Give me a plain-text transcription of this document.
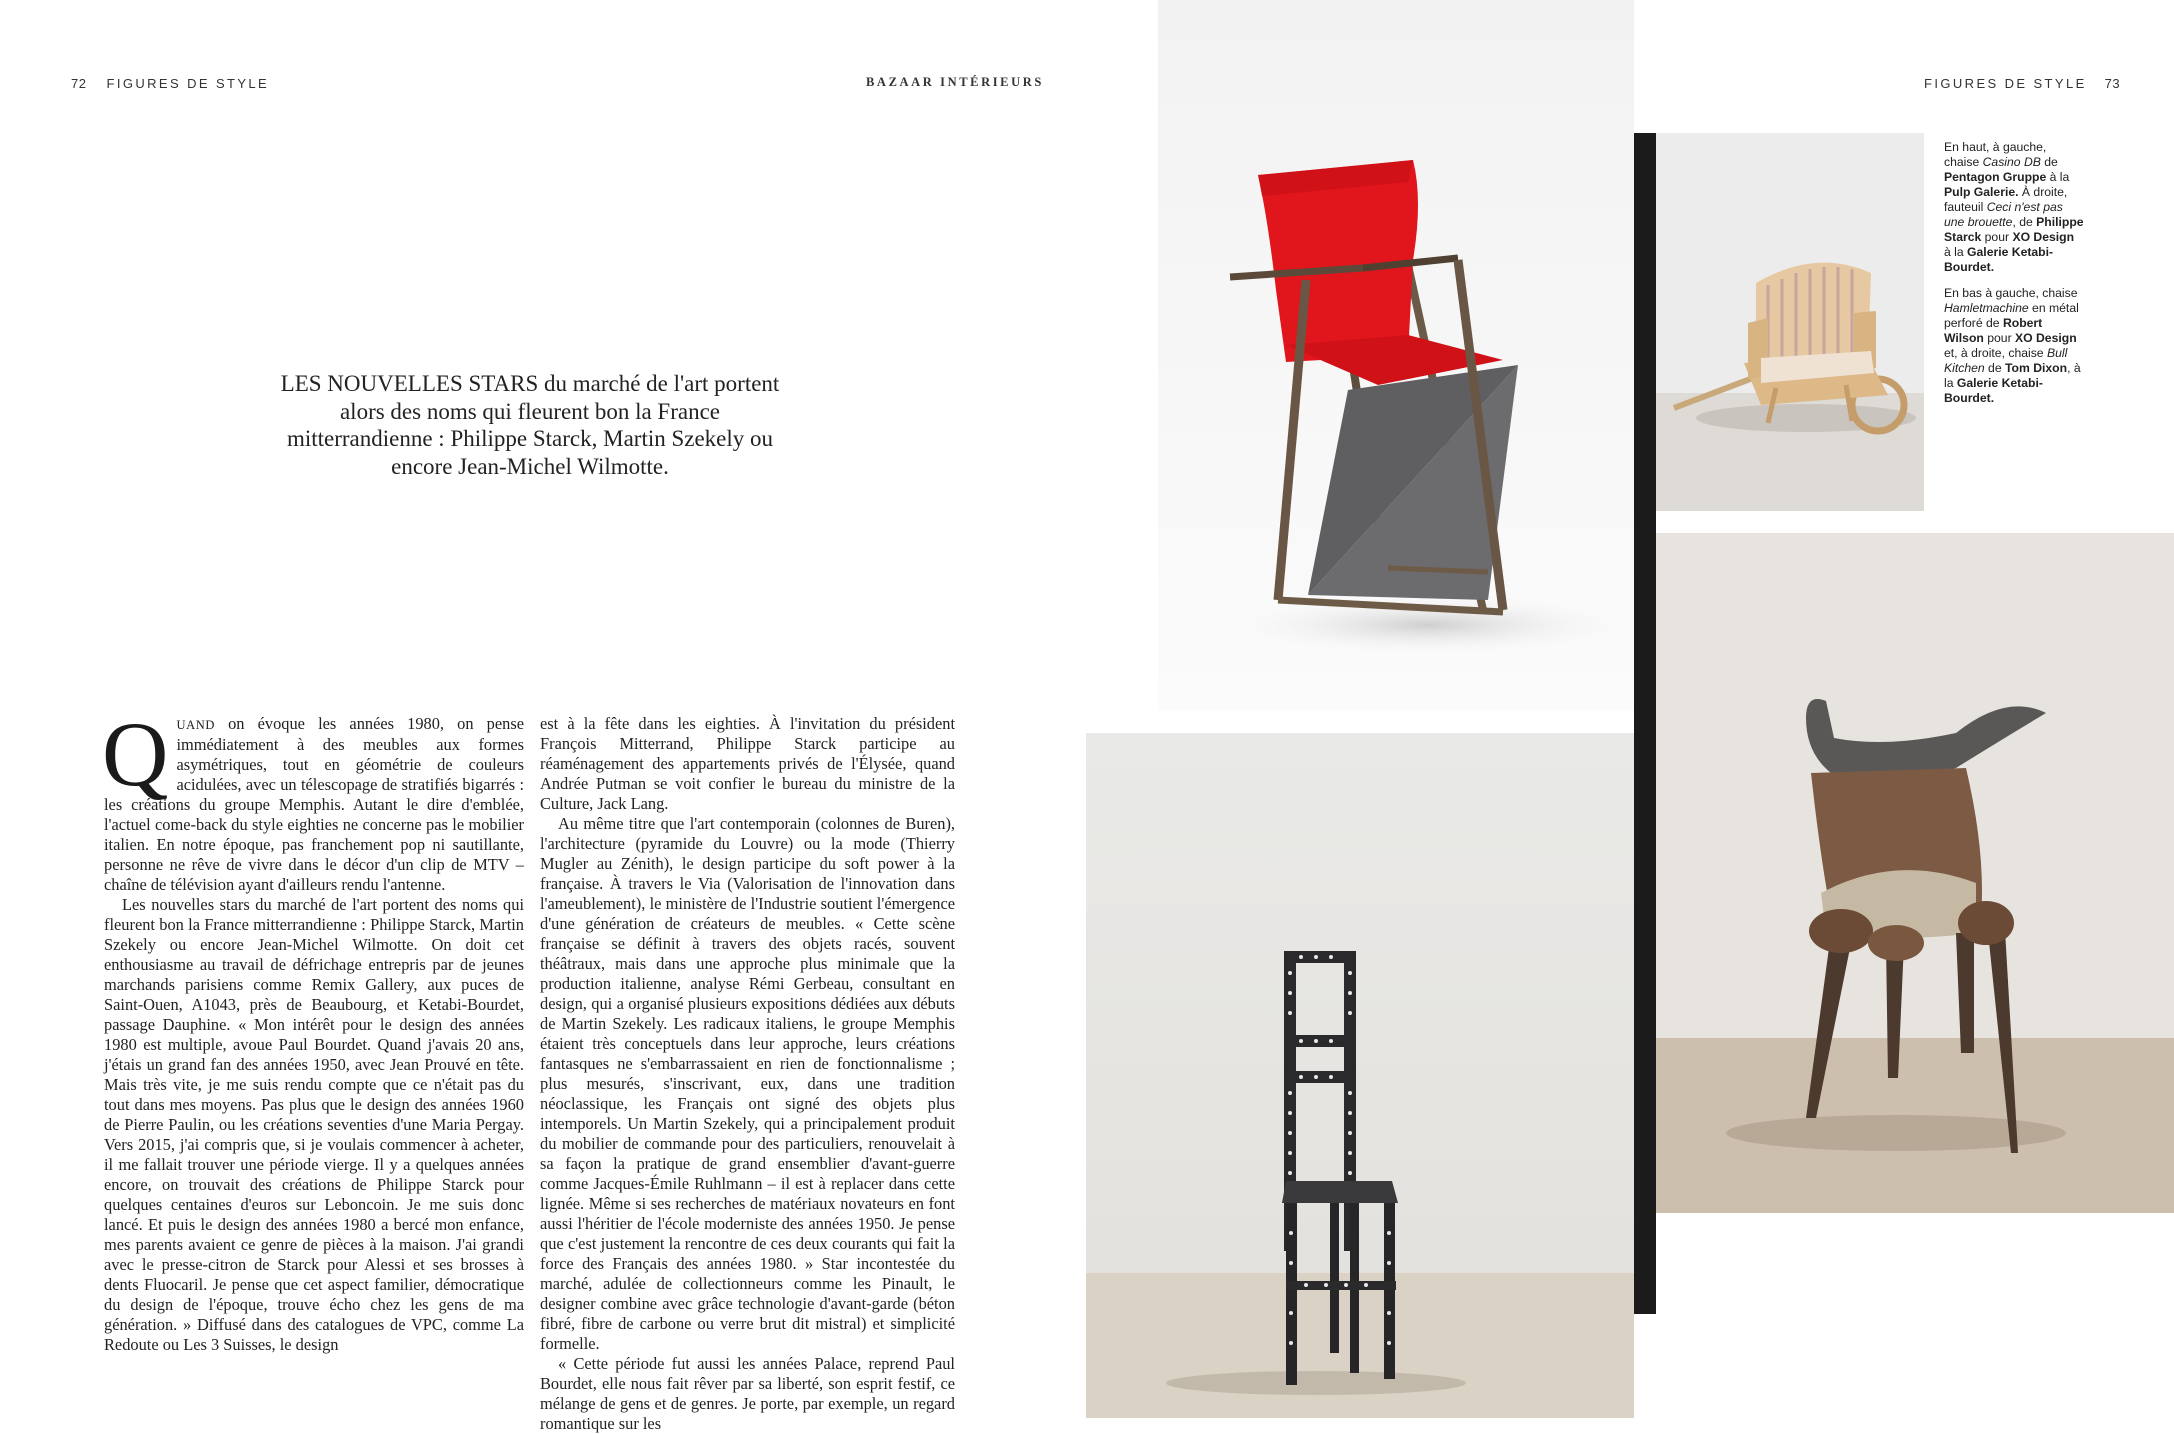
72 FIGURES DE STYLE	BAZAAR INTÉRIEURS	FIGURES DE STYLE 73
LES NOUVELLES STARS du marché de l'art portent alors des noms qui fleurent bon la France mitterrandienne : Philippe Starck, Martin Szekely ou encore Jean-Michel Wilmotte.

QUAND on évoque les années 1980, on pense immédiatement à des meubles aux formes asymétriques, tout en géométrie de couleurs acidulées, avec un télescopage de stratifiés bigarrés : les créations du groupe Memphis. Autant le dire d'emblée, l'actuel come-back du style eighties ne concerne pas le mobilier italien. En notre époque, pas franchement pop ni sautillante, personne ne rêve de vivre dans le décor d'un clip de MTV – chaîne de télévision ayant d'ailleurs rendu l'antenne.

Les nouvelles stars du marché de l'art portent des noms qui fleurent bon la France mitterrandienne : Philippe Starck, Martin Szekely ou encore Jean-Michel Wilmotte. On doit cet enthousiasme au travail de défrichage entrepris par de jeunes marchands parisiens comme Remix Gallery, aux puces de Saint-Ouen, A1043, près de Beaubourg, et Ketabi-Bourdet, passage Dauphine. « Mon intérêt pour le design des années 1980 est multiple, avoue Paul Bourdet. Quand j'avais 20 ans, j'étais un grand fan des années 1950, avec Jean Prouvé en tête. Mais très vite, je me suis rendu compte que ce n'était pas du tout dans mes moyens. Pas plus que le design des années 1960 de Pierre Paulin, ou les créations seventies d'une Maria Pergay. Vers 2015, j'ai compris que, si je voulais commencer à acheter, il me fallait trouver une période vierge. Il y a quelques années encore, on trouvait des créations de Philippe Starck pour quelques centaines d'euros sur Leboncoin. Je me suis donc lancé. Et puis le design des années 1980 a bercé mon enfance, mes parents avaient ce genre de pièces à la maison. J'ai grandi avec le presse-citron de Starck pour Alessi et ses brosses à dents Fluocaril. Je pense que cet aspect familier, démocratique du design de l'époque, trouve écho chez les gens de ma génération. » Diffusé dans des catalogues de VPC, comme La Redoute ou Les 3 Suisses, le design

est à la fête dans les eighties. À l'invitation du président François Mitterrand, Philippe Starck participe au réaménagement des appartements privés de l'Élysée, quand Andrée Putman se voit confier le bureau du ministre de la Culture, Jack Lang.

Au même titre que l'art contemporain (colonnes de Buren), l'architecture (pyramide du Louvre) ou la mode (Thierry Mugler au Zénith), le design participe du soft power à la française. À travers le Via (Valorisation de l'innovation dans l'ameublement), le ministère de l'Industrie soutient l'émergence d'une génération de créateurs de meubles. « Cette scène française se définit à travers des objets racés, souvent théâtraux, mais dans une approche plus minimale que la production italienne, analyse Rémi Gerbeau, consultant en design, qui a organisé plusieurs expositions dédiées aux débuts de Martin Szekely. Les radicaux italiens, le groupe Memphis étaient très conceptuels dans leur approche, leurs créations fantasques ne s'embarrassaient en rien de fonctionnalisme ; plus mesurés, s'inscrivant, eux, dans une tradition néoclassique, les Français ont signé des objets plus intemporels. Un Martin Szekely, qui a principalement produit du mobilier de commande pour des particuliers, renouvelait à sa façon la pratique de grand ensemblier d'avant-guerre comme Jacques-Émile Ruhlmann – il est à replacer dans cette lignée. Même si ses recherches de matériaux novateurs en font aussi l'héritier de l'école moderniste des années 1950. Je pense que c'est justement la rencontre de ces deux courants qui fait la force des Français des années 1980. » Star incontestée du marché, adulée de collectionneurs comme les Pinault, le designer combine avec grâce technologie d'avant-garde (béton fibré, fibre de carbone ou verre brut dit mistral) et simplicité formelle.

« Cette période fut aussi les années Palace, reprend Paul Bourdet, elle nous fait rêver par sa liberté, son esprit festif, ce mélange de gens et de genres. Je porte, par exemple, un regard romantique sur les

En haut, à gauche, chaise Casino DB de Pentagon Gruppe à la Pulp Galerie. À droite, fauteuil Ceci n'est pas une brouette, de Philippe Starck pour XO Design à la Galerie Ketabi-Bourdet.

En bas à gauche, chaise Hamletmachine en métal perforé de Robert Wilson pour XO Design et, à droite, chaise Bull Kitchen de Tom Dixon, à la Galerie Ketabi-Bourdet.
